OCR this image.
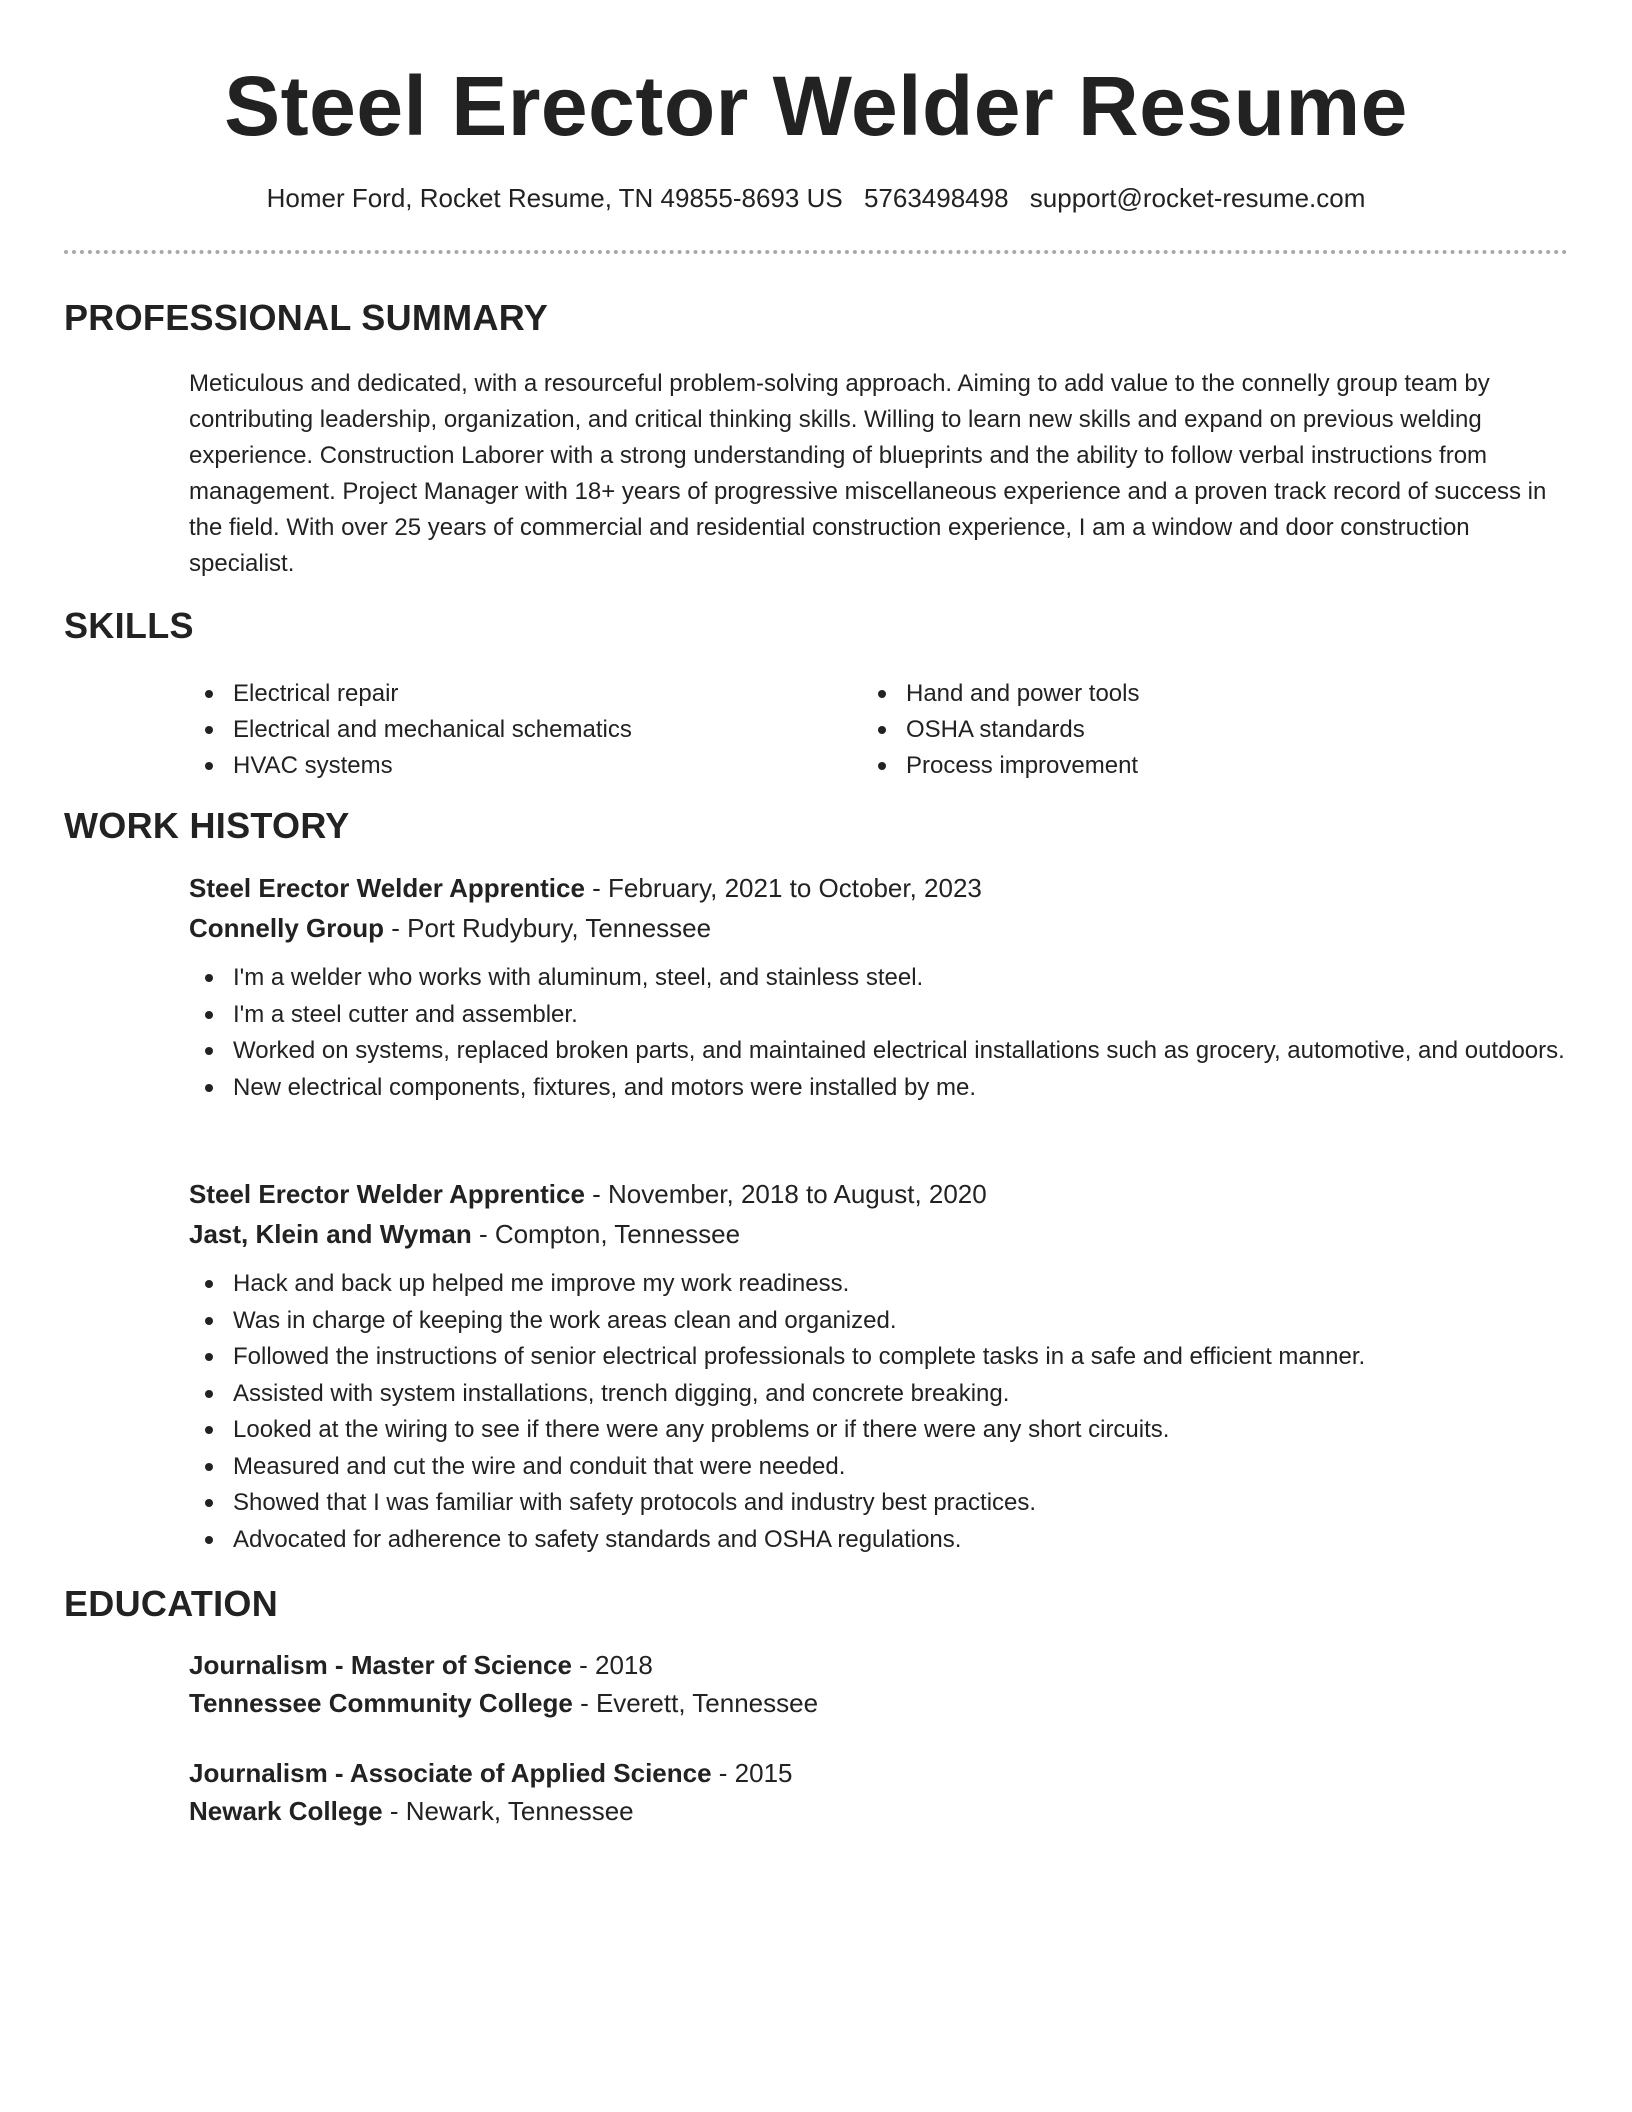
Steel Erector Welder Resume
Homer Ford, Rocket Resume, TN 49855-8693 US 5763498498 support@rocket-resume.com
PROFESSIONAL SUMMARY
Meticulous and dedicated, with a resourceful problem-solving approach. Aiming to add value to the connelly group team by contributing leadership, organization, and critical thinking skills. Willing to learn new skills and expand on previous welding experience. Construction Laborer with a strong understanding of blueprints and the ability to follow verbal instructions from management. Project Manager with 18+ years of progressive miscellaneous experience and a proven track record of success in the field. With over 25 years of commercial and residential construction experience, I am a window and door construction specialist.
SKILLS
Electrical repair
Electrical and mechanical schematics
HVAC systems
Hand and power tools
OSHA standards
Process improvement
WORK HISTORY
Steel Erector Welder Apprentice - February, 2021 to October, 2023
Connelly Group - Port Rudybury, Tennessee
I'm a welder who works with aluminum, steel, and stainless steel.
I'm a steel cutter and assembler.
Worked on systems, replaced broken parts, and maintained electrical installations such as grocery, automotive, and outdoors.
New electrical components, fixtures, and motors were installed by me.
Steel Erector Welder Apprentice - November, 2018 to August, 2020
Jast, Klein and Wyman - Compton, Tennessee
Hack and back up helped me improve my work readiness.
Was in charge of keeping the work areas clean and organized.
Followed the instructions of senior electrical professionals to complete tasks in a safe and efficient manner.
Assisted with system installations, trench digging, and concrete breaking.
Looked at the wiring to see if there were any problems or if there were any short circuits.
Measured and cut the wire and conduit that were needed.
Showed that I was familiar with safety protocols and industry best practices.
Advocated for adherence to safety standards and OSHA regulations.
EDUCATION
Journalism - Master of Science - 2018
Tennessee Community College - Everett, Tennessee
Journalism - Associate of Applied Science - 2015
Newark College - Newark, Tennessee
